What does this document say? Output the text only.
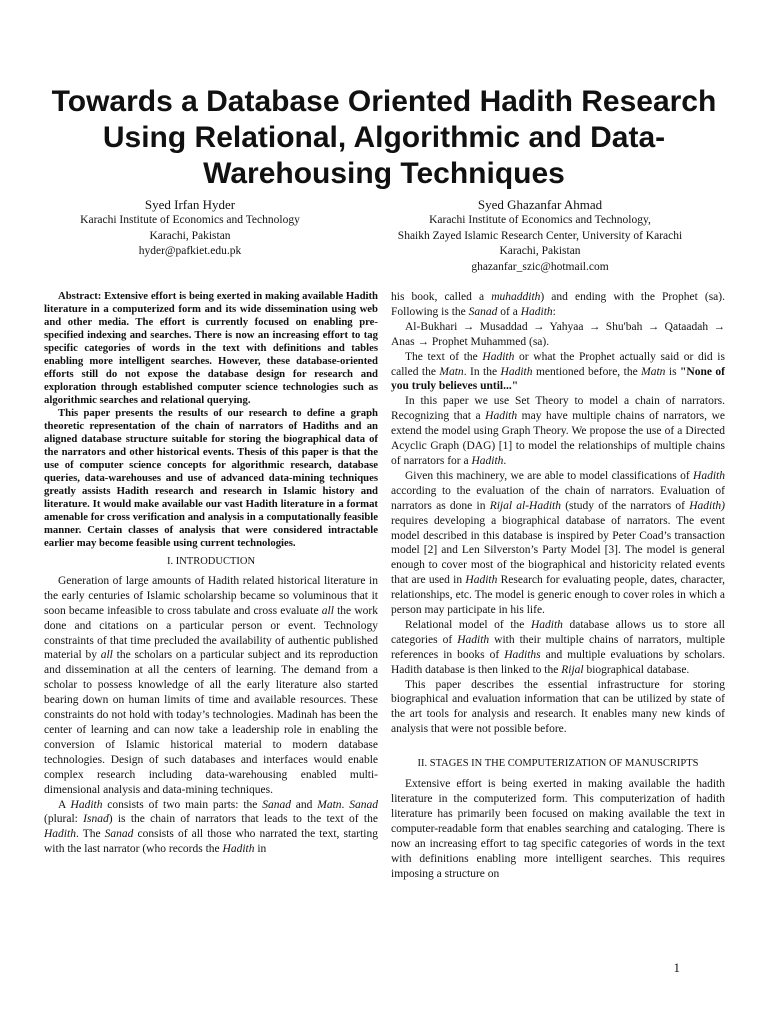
Towards a Database Oriented Hadith Research Using Relational, Algorithmic and Data-Warehousing Techniques
Syed Irfan Hyder
Karachi Institute of Economics and Technology
Karachi, Pakistan
hyder@pafkiet.edu.pk
Syed Ghazanfar Ahmad
Karachi Institute of Economics and Technology,
Shaikh Zayed Islamic Research Center, University of Karachi
Karachi, Pakistan
ghazanfar_szic@hotmail.com

Abstract: Extensive effort is being exerted in making available Hadith literature in a computerized form and its wide dissemination using web and other media. The effort is currently focused on enabling pre-specified indexing and searches. There is now an increasing effort to tag specific categories of words in the text with definitions and tables enabling more intelligent searches. However, these database-oriented efforts still do not expose the database design for research and exploration through established computer science technologies such as algorithmic searches and relational querying.

This paper presents the results of our research to define a graph theoretic representation of the chain of narrators of Hadiths and an aligned database structure suitable for storing the biographical data of the narrators and other historical events. Thesis of this paper is that the use of computer science concepts for algorithmic research, database queries, data-warehouses and use of advanced data-mining techniques greatly assists Hadith research and research in Islamic history and literature. It would make available our vast Hadith literature in a format amenable for cross verification and analysis in a computationally feasible manner. Certain classes of analysis that were considered intractable earlier may become feasible using current technologies.

I. INTRODUCTION

Generation of large amounts of Hadith related historical literature in the early centuries of Islamic scholarship became so voluminous that it soon became infeasible to cross tabulate and cross evaluate all the work done and citations on a particular person or event. Technology constraints of that time precluded the availability of authentic published material by all the scholars on a particular subject and its reproduction and dissemination at all the centers of learning. The demand from a scholar to possess knowledge of all the early literature also started bearing down on human limits of time and available resources. These constraints do not hold with today’s technologies. Madinah has been the center of learning and can now take a leadership role in enabling the conversion of Islamic historical material to modern database technologies. Design of such databases and interfaces would enable complex research including data-warehousing enabled multi-dimensional analysis and data-mining techniques.

A Hadith consists of two main parts: the Sanad and Matn. Sanad (plural: Isnad) is the chain of narrators that leads to the text of the Hadith. The Sanad consists of all those who narrated the text, starting with the last narrator (who records the Hadith in

his book, called a muhaddith) and ending with the Prophet (sa). Following is the Sanad of a Hadith:

Al-Bukhari → Musaddad → Yahyaa → Shu'bah → Qataadah → Anas → Prophet Muhammed (sa).

The text of the Hadith or what the Prophet actually said or did is called the Matn. In the Hadith mentioned before, the Matn is "None of you truly believes until..."

In this paper we use Set Theory to model a chain of narrators. Recognizing that a Hadith may have multiple chains of narrators, we extend the model using Graph Theory. We propose the use of a Directed Acyclic Graph (DAG) [1] to model the relationships of multiple chains of narrators for a Hadith.

Given this machinery, we are able to model classifications of Hadith according to the evaluation of the chain of narrators. Evaluation of narrators as done in Rijal al-Hadith (study of the narrators of Hadith) requires developing a biographical database of narrators. The event model described in this database is inspired by Peter Coad’s transaction model [2] and Len Silverston’s Party Model [3]. The model is general enough to cover most of the biographical and historicity related events that are used in Hadith Research for evaluating people, dates, character, relationships, etc. The model is generic enough to cover roles in which a person may participate in his life.

Relational model of the Hadith database allows us to store all categories of Hadith with their multiple chains of narrators, multiple references in books of Hadiths and multiple evaluations by scholars. Hadith database is then linked to the Rijal biographical database.

This paper describes the essential infrastructure for storing biographical and evaluation information that can be utilized by state of the art tools for analysis and research. It enables many new kinds of analysis that were not possible before.

II. STAGES IN THE COMPUTERIZATION OF MANUSCRIPTS

Extensive effort is being exerted in making available the hadith literature in the computerized form. This computerization of hadith literature has primarily been focused on making available the text in computer-readable form that enables searching and cataloging. There is now an increasing effort to tag specific categories of words in the text with definitions enabling more intelligent searches. This requires imposing a structure on

1
